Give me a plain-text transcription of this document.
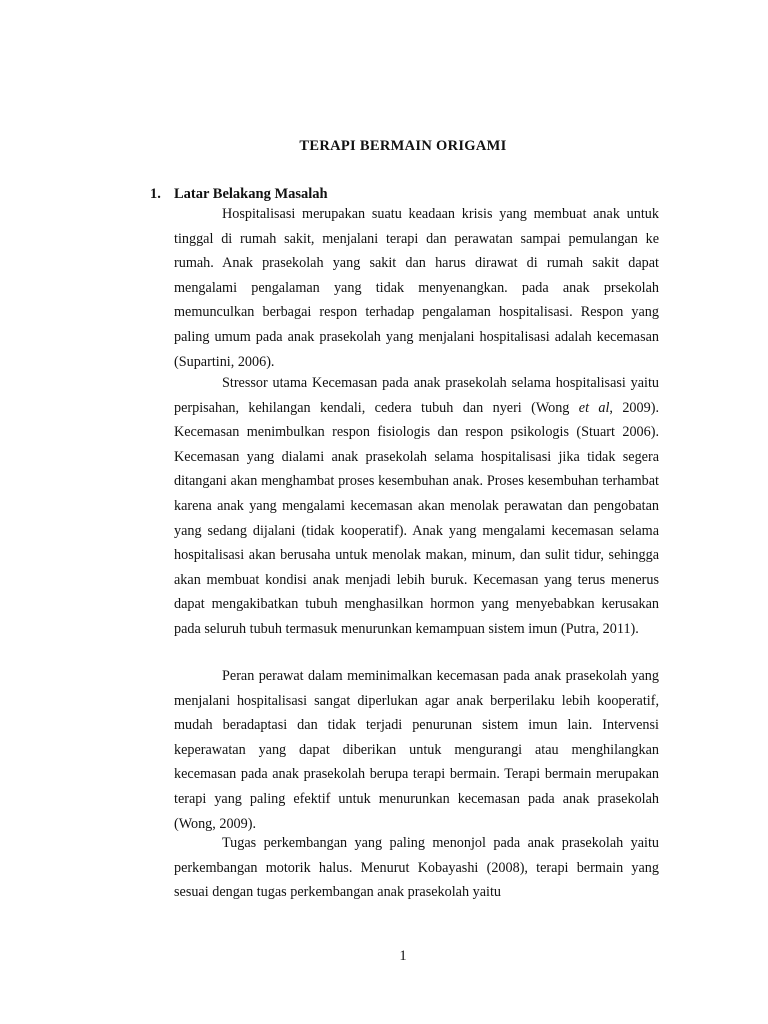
TERAPI BERMAIN ORIGAMI
1. Latar Belakang Masalah

Hospitalisasi merupakan suatu keadaan krisis yang membuat anak untuk tinggal di rumah sakit, menjalani terapi dan perawatan sampai pemulangan ke rumah. Anak prasekolah yang sakit dan harus dirawat di rumah sakit dapat mengalami pengalaman yang tidak menyenangkan. pada anak prsekolah memunculkan berbagai respon terhadap pengalaman hospitalisasi. Respon yang paling umum pada anak prasekolah yang menjalani hospitalisasi adalah kecemasan (Supartini, 2006).

Stressor utama Kecemasan pada anak prasekolah selama hospitalisasi yaitu perpisahan, kehilangan kendali, cedera tubuh dan nyeri (Wong et al, 2009). Kecemasan menimbulkan respon fisiologis dan respon psikologis (Stuart 2006). Kecemasan yang dialami anak prasekolah selama hospitalisasi jika tidak segera ditangani akan menghambat proses kesembuhan anak. Proses kesembuhan terhambat karena anak yang mengalami kecemasan akan menolak perawatan dan pengobatan yang sedang dijalani (tidak kooperatif). Anak yang mengalami kecemasan selama hospitalisasi akan berusaha untuk menolak makan, minum, dan sulit tidur, sehingga akan membuat kondisi anak menjadi lebih buruk. Kecemasan yang terus menerus dapat mengakibatkan tubuh menghasilkan hormon yang menyebabkan kerusakan pada seluruh tubuh termasuk menurunkan kemampuan sistem imun (Putra, 2011).

Peran perawat dalam meminimalkan kecemasan pada anak prasekolah yang menjalani hospitalisasi sangat diperlukan agar anak berperilaku lebih kooperatif, mudah beradaptasi dan tidak terjadi penurunan sistem imun lain. Intervensi keperawatan yang dapat diberikan untuk mengurangi atau menghilangkan kecemasan pada anak prasekolah berupa terapi bermain. Terapi bermain merupakan terapi yang paling efektif untuk menurunkan kecemasan pada anak prasekolah (Wong, 2009).

Tugas perkembangan yang paling menonjol pada anak prasekolah yaitu perkembangan motorik halus. Menurut Kobayashi (2008), terapi bermain yang sesuai dengan tugas perkembangan anak prasekolah yaitu

1
